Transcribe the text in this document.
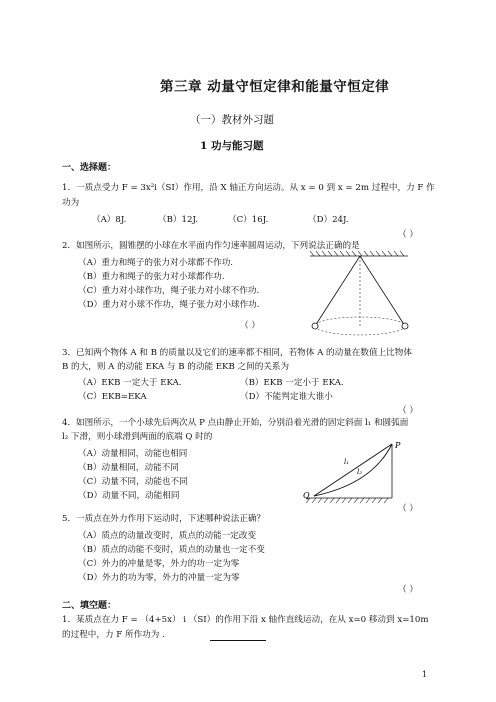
第三章 动量守恒定律和能量守恒定律
（一）教材外习题
1 功与能习题
一、选择题：
1．一质点受力 F = 3x²i（SI）作用，沿 X 轴正方向运动。从 x = 0 到 x = 2m 过程中，力 F 作
功为
（A）8J.	（B）12J.	（C）16J.	（D）24J.
（ ）
2．如图所示，圆锥摆的小球在水平面内作匀速率圆周运动，下列说法正确的是
（A）重力和绳子的张力对小球都不作功.
（B）重力和绳子的张力对小球都作功.
（C）重力对小球作功，绳子张力对小球不作功.
（D）重力对小球不作功，绳子张力对小球作功.
（ ）
3．已知两个物体 A 和 B 的质量以及它们的速率都不相同，若物体 A 的动量在数值上比物体
B 的大，则 A 的动能 EKA 与 B 的动能 EKB 之间的关系为
（A）EKB 一定大于 EKA.	（B）EKB 一定小于 EKA.
（C）EKB=EKA	（D）不能判定谁大谁小
（ ）
4．如图所示，一个小球先后两次从 P 点由静止开始，分别沿着光滑的固定斜面 l₁ 和圆弧面
l₂ 下滑，则小球滑到两面的底端 Q 时的
（A）动量相同，动能也相同
（B）动量相同，动能不同
（C）动量不同，动能也不同
（D）动量不同，动能相同
（ ）
P
Q
l₁
l₂
5．一质点在外力作用下运动时，下述哪种说法正确？
（A）质点的动量改变时，质点的动能一定改变
（B）质点的动能不变时，质点的动量也一定不变
（C）外力的冲量是零，外力的功一定为零
（D）外力的功为零，外力的冲量一定为零
（ ）
二、填空题：
1．某质点在力 F = （4+5x） i （SI）的作用下沿 x 轴作直线运动，在从 x=0 移动到 x=10m
的过程中，力 F 所作功为 .
1
